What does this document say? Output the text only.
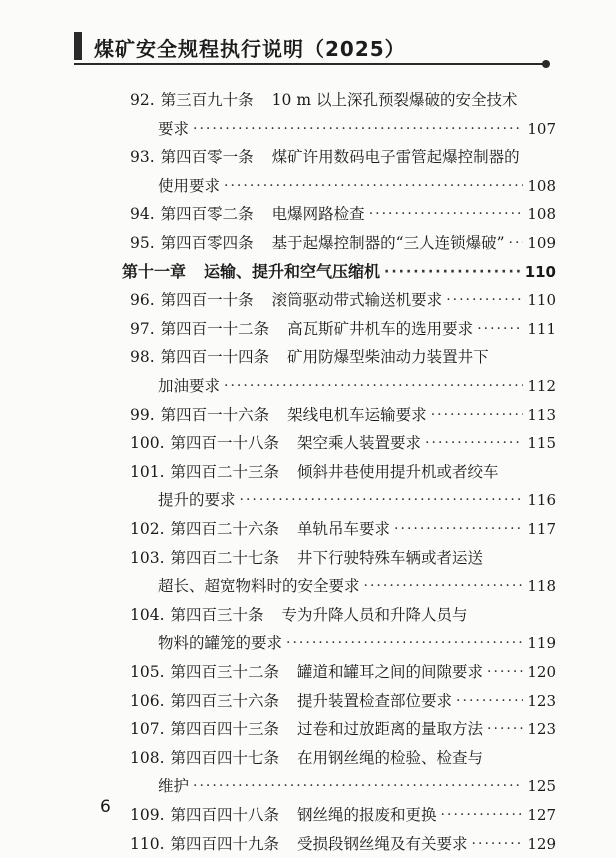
煤矿安全规程执行说明（2025）
92. 第三百九十条 10 m 以上深孔预裂爆破的安全技术
要求 ·····	107
93. 第四百零一条 煤矿许用数码电子雷管起爆控制器的
使用要求 ·····	108
94. 第四百零二条 电爆网路检查 ·····	108
95. 第四百零四条 基于起爆控制器的“三人连锁爆破” ····· 109
第十一章 运输、提升和空气压缩机 ·····	110
96. 第四百一十条 滚筒驱动带式输送机要求 ·····	110
97. 第四百一十二条 高瓦斯矿井机车的选用要求 ·····	111
98. 第四百一十四条 矿用防爆型柴油动力装置井下
加油要求 ·····	112
99. 第四百一十六条 架线电机车运输要求 ·····	113
100. 第四百一十八条 架空乘人装置要求 ·····	115
101. 第四百二十三条 倾斜井巷使用提升机或者绞车
提升的要求 ·····	116
102. 第四百二十六条 单轨吊车要求 ·····	117
103. 第四百二十七条 井下行驶特殊车辆或者运送
超长、超宽物料时的安全要求 ·····	118
104. 第四百三十条 专为升降人员和升降人员与
物料的罐笼的要求 ·····	119
105. 第四百三十二条 罐道和罐耳之间的间隙要求 ·····	120
106. 第四百三十六条 提升装置检查部位要求 ·····	123
107. 第四百四十三条 过卷和过放距离的量取方法 ·····	123
108. 第四百四十七条 在用钢丝绳的检验、检查与
维护 ·····	125
109. 第四百四十八条 钢丝绳的报废和更换 ·····	127
110. 第四百四十九条 受损段钢丝绳及有关要求 ·····	129
6
